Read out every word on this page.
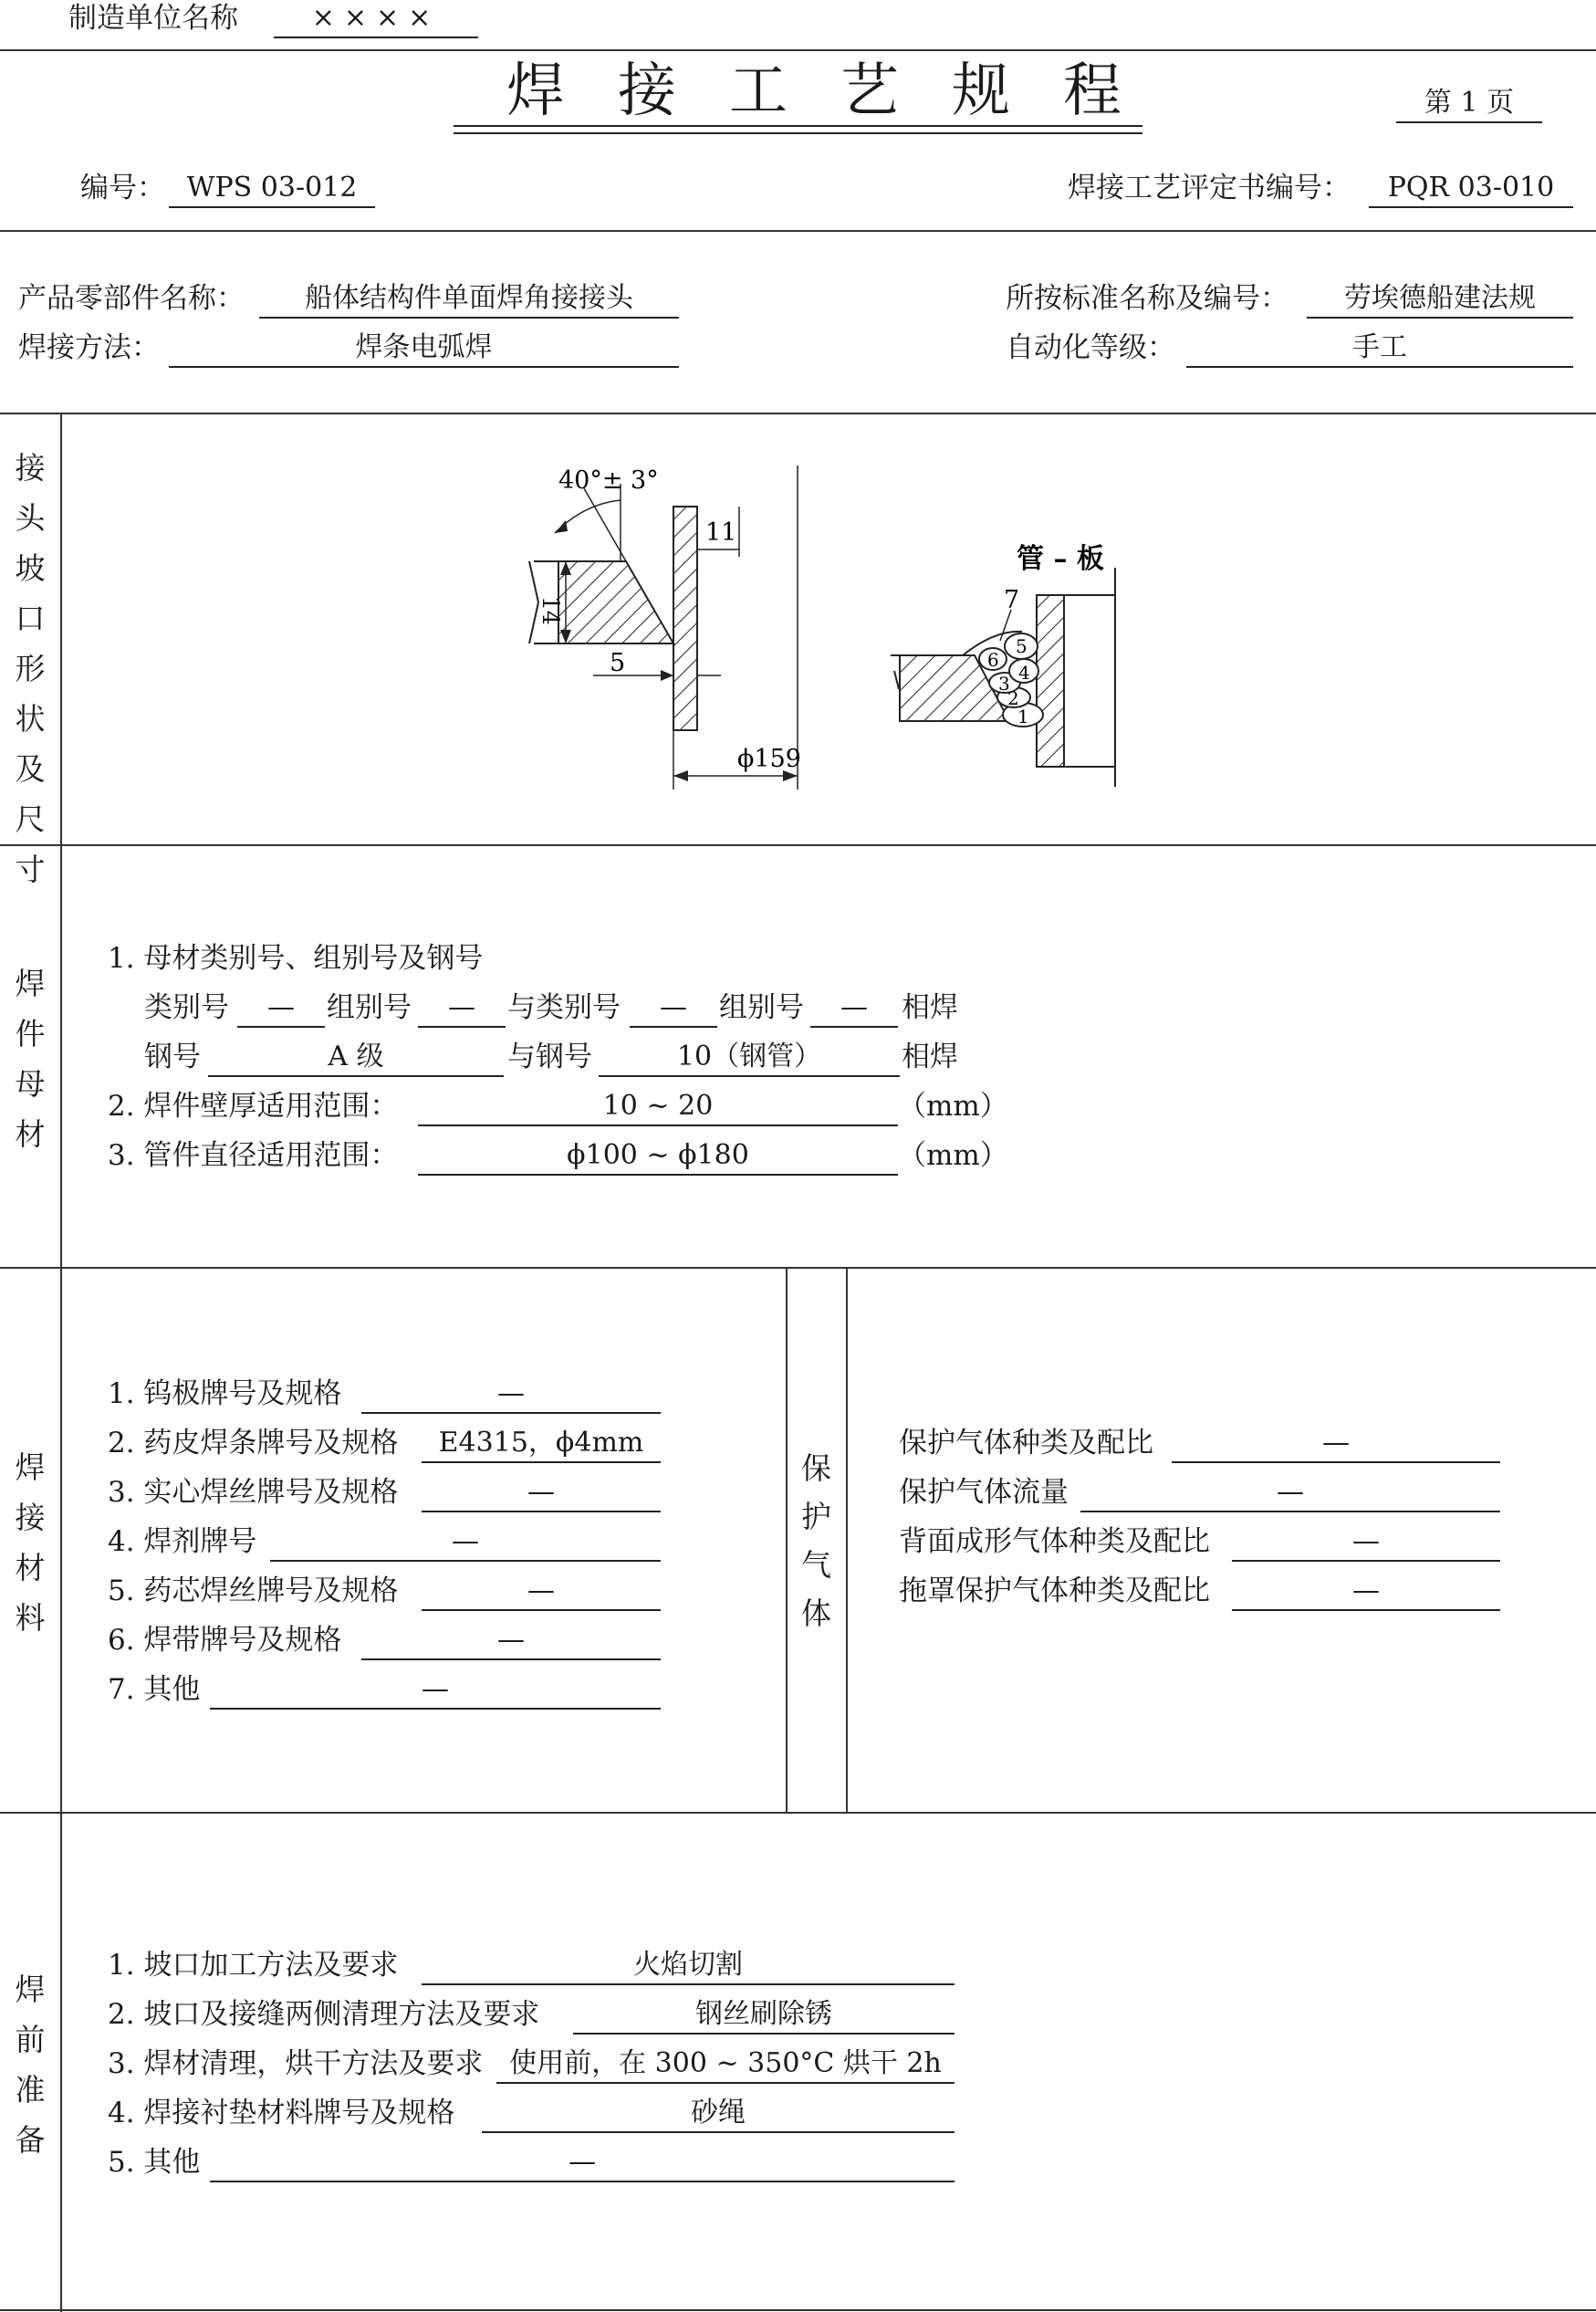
制造单位名称	××××
焊接工艺规程	第 1 页
编号： WPS 03-012	焊接工艺评定书编号：	PQR 03-010
产品零部件名称：	船体结构件单面焊角接接头
焊接方法：	焊条电弧焊
所按标准名称及编号：	劳埃德船建法规
自动化等级：	手工
接
头
坡
口
形
状
及
尺
寸
40°± 3°
11
14
5
ϕ159
管 – 板
1
2
3 4
5
6
7
焊
件
母
材
1. 母材类别号、组别号及钢号
类别号	—	组别号	—	与类别号	—	组别号	—	相焊
钢号	A 级	与钢号	10（钢管）	相焊
2. 焊件壁厚适用范围：	10 ~ 20	（mm）
3. 管件直径适用范围：	ϕ100 ~ ϕ180	（mm）
焊
接
材
料
1. 钨极牌号及规格	—
2. 药皮焊条牌号及规格	E4315，ϕ4mm
3. 实心焊丝牌号及规格	—
4. 焊剂牌号	—
5. 药芯焊丝牌号及规格	—
6. 焊带牌号及规格	—
7. 其他	—
保
护
气
体
保护气体种类及配比	—
保护气体流量	—
背面成形气体种类及配比	—
拖罩保护气体种类及配比	—
焊
前
准
备
1. 坡口加工方法及要求	火焰切割
2. 坡口及接缝两侧清理方法及要求	钢丝刷除锈
3. 焊材清理，烘干方法及要求 使用前，在 300 ~ 350°C 烘干 2h
4. 焊接衬垫材料牌号及规格	砂绳
5. 其他	—
